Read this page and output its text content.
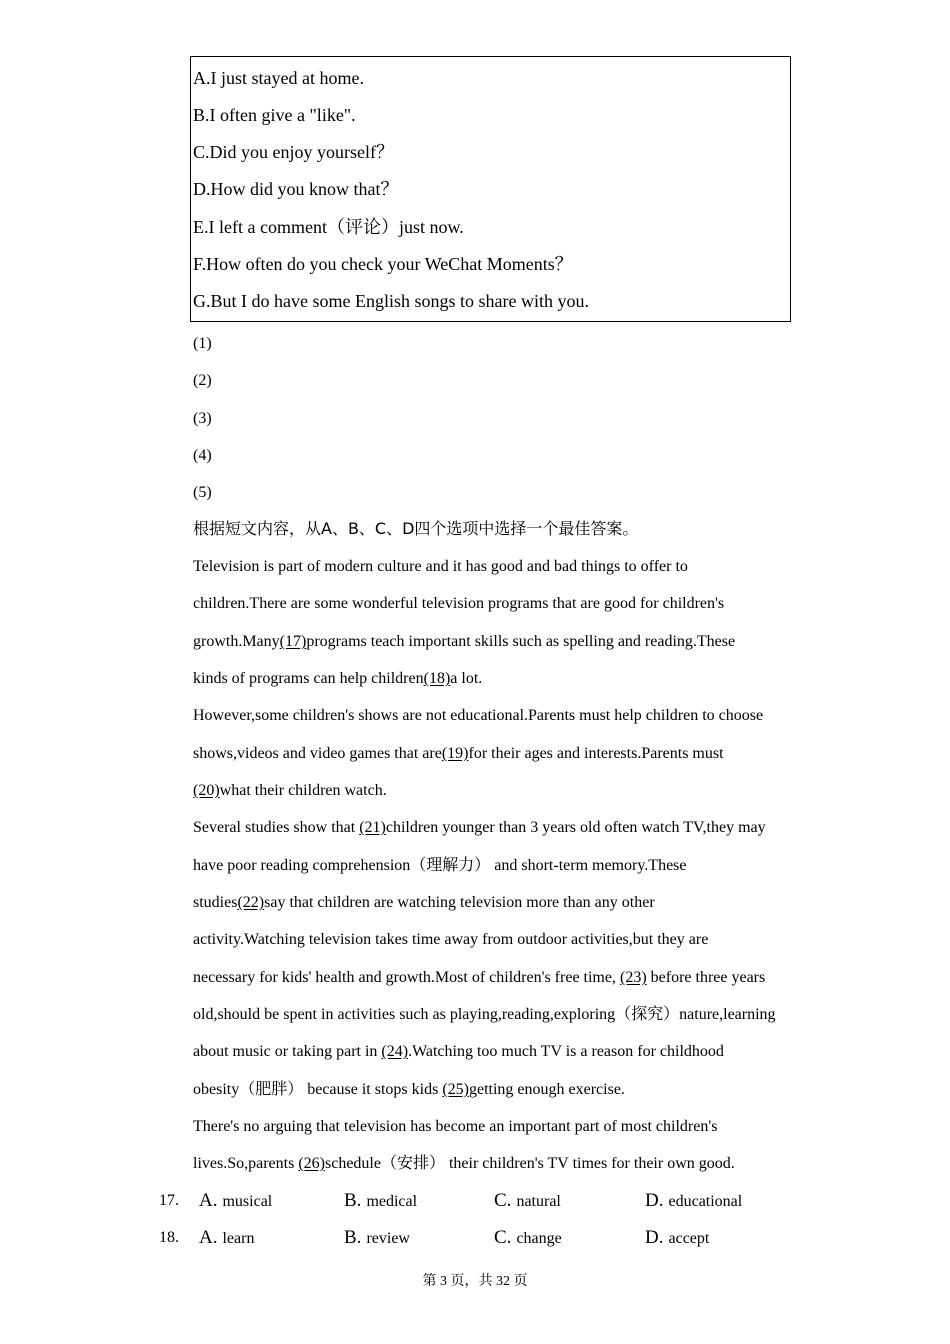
A.I just stayed at home.
B.I often give a "like".
C.Did you enjoy yourself？
D.How did you know that？
E.I left a comment（评论）just now.
F.How often do you check your WeChat Moments？
G.But I do have some English songs to share with you.
(1)
(2)
(3)
(4)
(5)
根据短文内容，从A、B、C、D四个选项中选择一个最佳答案。
Television is part of modern culture and it has good and bad things to offer to
children.There are some wonderful television programs that are good for children's
growth.Many(17)programs teach important skills such as spelling and reading.These
kinds of programs can help children(18)a lot.
However,some children's shows are not educational.Parents must help children to choose
shows,videos and video games that are(19)for their ages and interests.Parents must
(20)what their children watch.
Several studies show that (21)children younger than 3 years old often watch TV,they may
have poor reading comprehension（理解力） and short-term memory.These
studies(22)say that children are watching television more than any other
activity.Watching television takes time away from outdoor activities,but they are
necessary for kids' health and growth.Most of children's free time, (23) before three years
old,should be spent in activities such as playing,reading,exploring（探究）nature,learning
about music or taking part in (24).Watching too much TV is a reason for childhood
obesity（肥胖） because it stops kids (25)getting enough exercise.
There's no arguing that television has become an important part of most children's
lives.So,parents (26)schedule（安排） their children's TV times for their own good.
17. A. musical	B. medical	C. natural	D. educational
18. A. learn	B. review	C. change	D. accept
第 3 页，共 32 页
